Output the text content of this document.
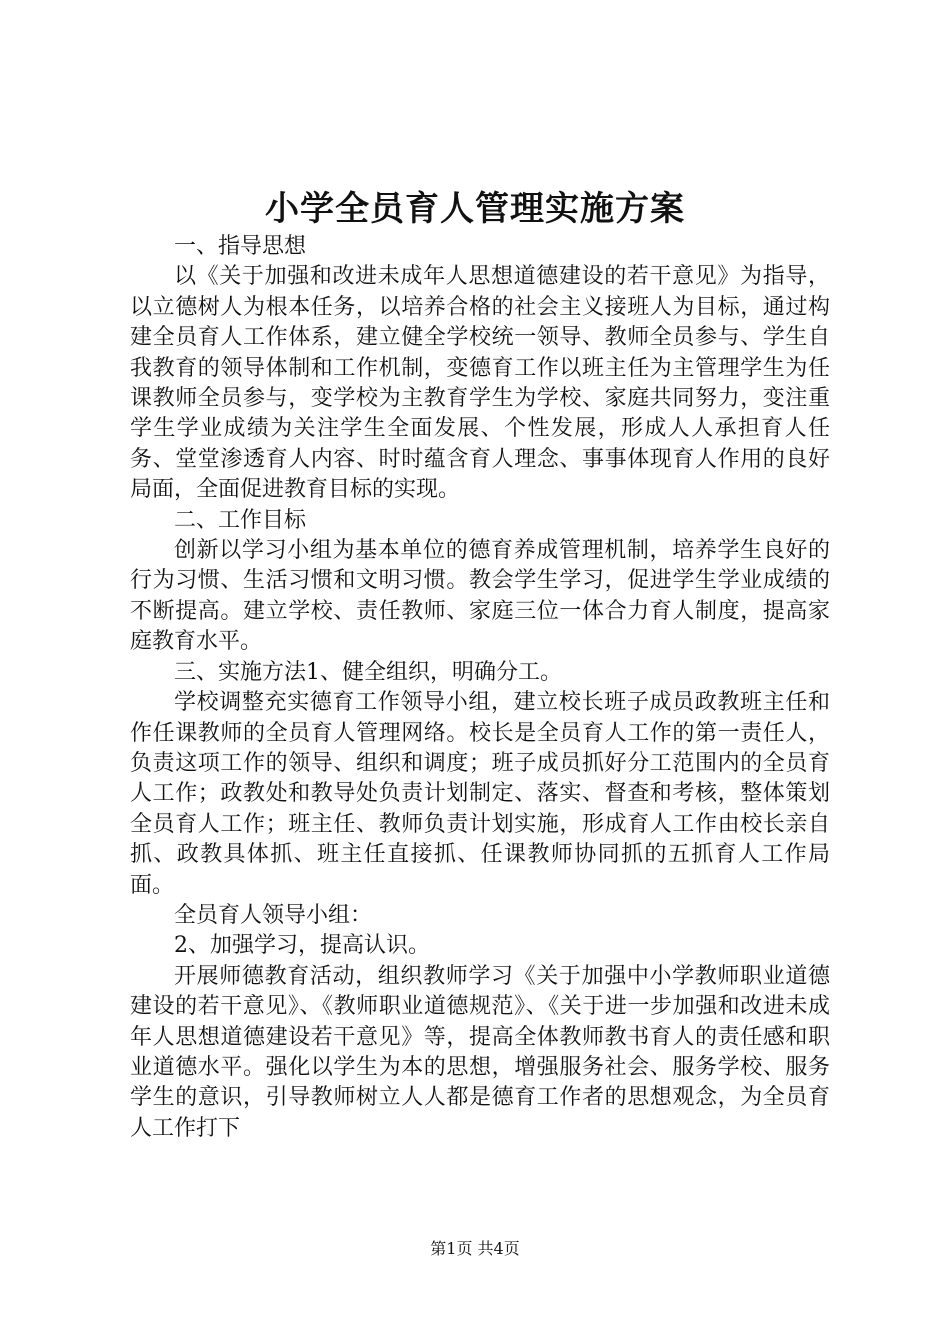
小学全员育人管理实施方案

一、指导思想

以《关于加强和改进未成年人思想道德建设的若干意见》为指导，以立德树人为根本任务，以培养合格的社会主义接班人为目标，通过构建全员育人工作体系，建立健全学校统一领导、教师全员参与、学生自我教育的领导体制和工作机制，变德育工作以班主任为主管理学生为任课教师全员参与，变学校为主教育学生为学校、家庭共同努力，变注重学生学业成绩为关注学生全面发展、个性发展，形成人人承担育人任务、堂堂渗透育人内容、时时蕴含育人理念、事事体现育人作用的良好局面，全面促进教育目标的实现。

二、工作目标

创新以学习小组为基本单位的德育养成管理机制，培养学生良好的行为习惯、生活习惯和文明习惯。教会学生学习，促进学生学业成绩的不断提高。建立学校、责任教师、家庭三位一体合力育人制度，提高家庭教育水平。

三、实施方法1、健全组织，明确分工。

学校调整充实德育工作领导小组，建立校长班子成员政教班主任和作任课教师的全员育人管理网络。校长是全员育人工作的第一责任人，负责这项工作的领导、组织和调度；班子成员抓好分工范围内的全员育人工作；政教处和教导处负责计划制定、落实、督查和考核，整体策划全员育人工作；班主任、教师负责计划实施，形成育人工作由校长亲自抓、政教具体抓、班主任直接抓、任课教师协同抓的五抓育人工作局面。

全员育人领导小组：

2、加强学习，提高认识。

开展师德教育活动，组织教师学习《关于加强中小学教师职业道德建设的若干意见》、《教师职业道德规范》、《关于进一步加强和改进未成年人思想道德建设若干意见》等，提高全体教师教书育人的责任感和职业道德水平。强化以学生为本的思想，增强服务社会、服务学校、服务学生的意识，引导教师树立人人都是德育工作者的思想观念，为全员育人工作打下

第1页 共4页
